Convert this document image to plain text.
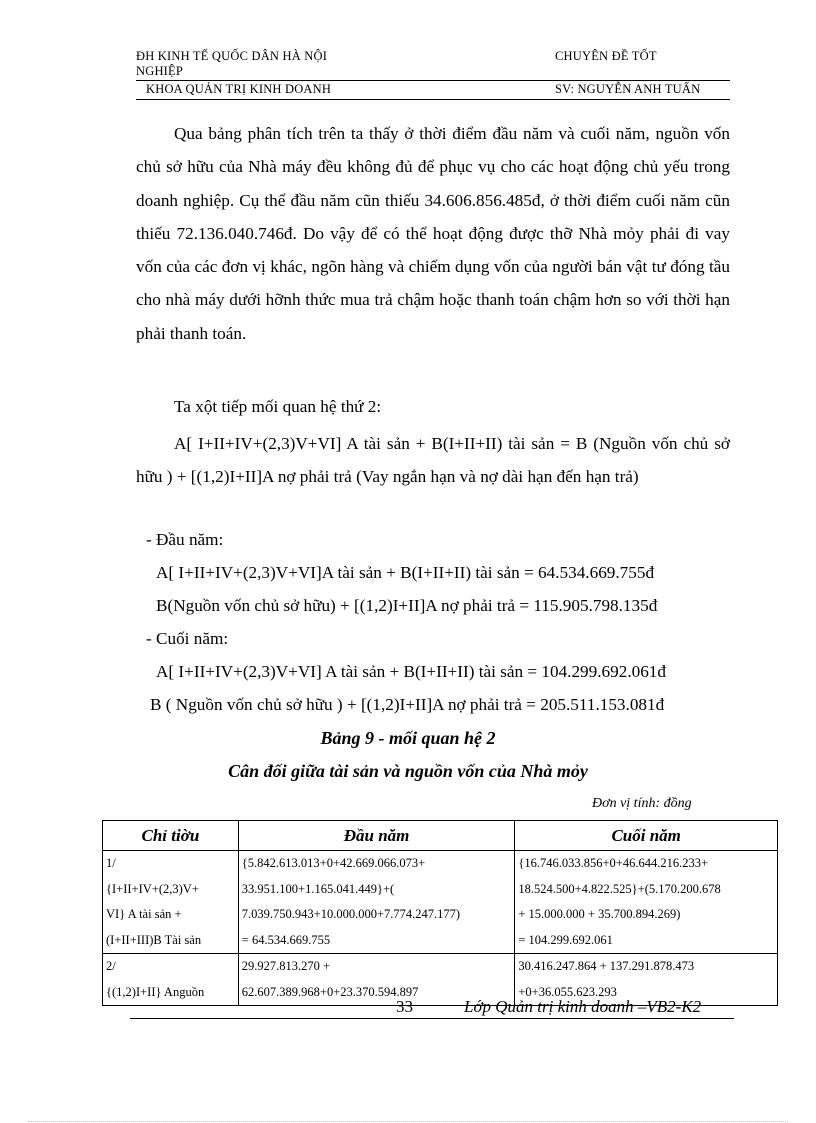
ĐH KINH TẾ QUỐC DÂN HÀ NỘI	CHUYÊN ĐỀ TỐT
NGHIỆP
KHOA QUẢN TRỊ KINH DOANH	SV: NGUYỄN ANH TUẤN
Qua bảng phân tích trên ta thấy ở thời điểm đầu năm và cuối năm, nguồn vốn chủ sở hữu của Nhà máy đều không đủ để phục vụ cho các hoạt động chủ yếu trong doanh nghiệp. Cụ thể đầu năm cũn thiếu 34.606.856.485đ, ở thời điểm cuối năm cũn thiếu 72.136.040.746đ. Do vậy để có thể hoạt động được thỡ Nhà mỏy phải đi vay vốn của các đơn vị khác, ngõn hàng và chiếm dụng vốn của người bán vật tư đóng tầu cho nhà máy dưới hỡnh thức mua trả chậm hoặc thanh toán chậm hơn so với thời hạn phải thanh toán.
Ta xột tiếp mối quan hệ thứ 2:
A[ I+II+IV+(2,3)V+VI] A tài sản + B(I+II+II) tài sản = B (Nguồn vốn chủ sở hữu ) + [(1,2)I+II]A nợ phải trả (Vay ngắn hạn và nợ dài hạn đến hạn trả)
- Đầu năm:
A[ I+II+IV+(2,3)V+VI]A tài sản + B(I+II+II) tài sản = 64.534.669.755đ
B(Nguồn vốn chủ sở hữu) + [(1,2)I+II]A nợ phải trả = 115.905.798.135đ
- Cuối năm:
A[ I+II+IV+(2,3)V+VI] A tài sản + B(I+II+II) tài sản = 104.299.692.061đ
B ( Nguồn vốn chủ sở hữu ) + [(1,2)I+II]A nợ phải trả = 205.511.153.081đ
Bảng 9 - mối quan hệ 2
Cân đối giữa tài sản và nguồn vốn của Nhà mỏy
Đơn vị tính: đồng
Chỉ tiờu	Đầu năm	Cuối năm

1/
{I+II+IV+(2,3)V+
VI} A tài sản +
(I+II+III)B Tài sản	{5.842.613.013+0+42.669.066.073+
33.951.100+1.165.041.449}+(
7.039.750.943+10.000.000+7.774.247.177)
= 64.534.669.755	{16.746.033.856+0+46.644.216.233+
18.524.500+4.822.525}+(5.170.200.678
+ 15.000.000 + 35.700.894.269)
= 104.299.692.061

2/
{(1,2)I+II} Anguồn	29.927.813.270 +
62.607.389.968+0+23.370.594.897	30.416.247.864 + 137.291.878.473
+0+36.055.623.293
33	Lớp Quản trị kinh doanh –VB2-K2
